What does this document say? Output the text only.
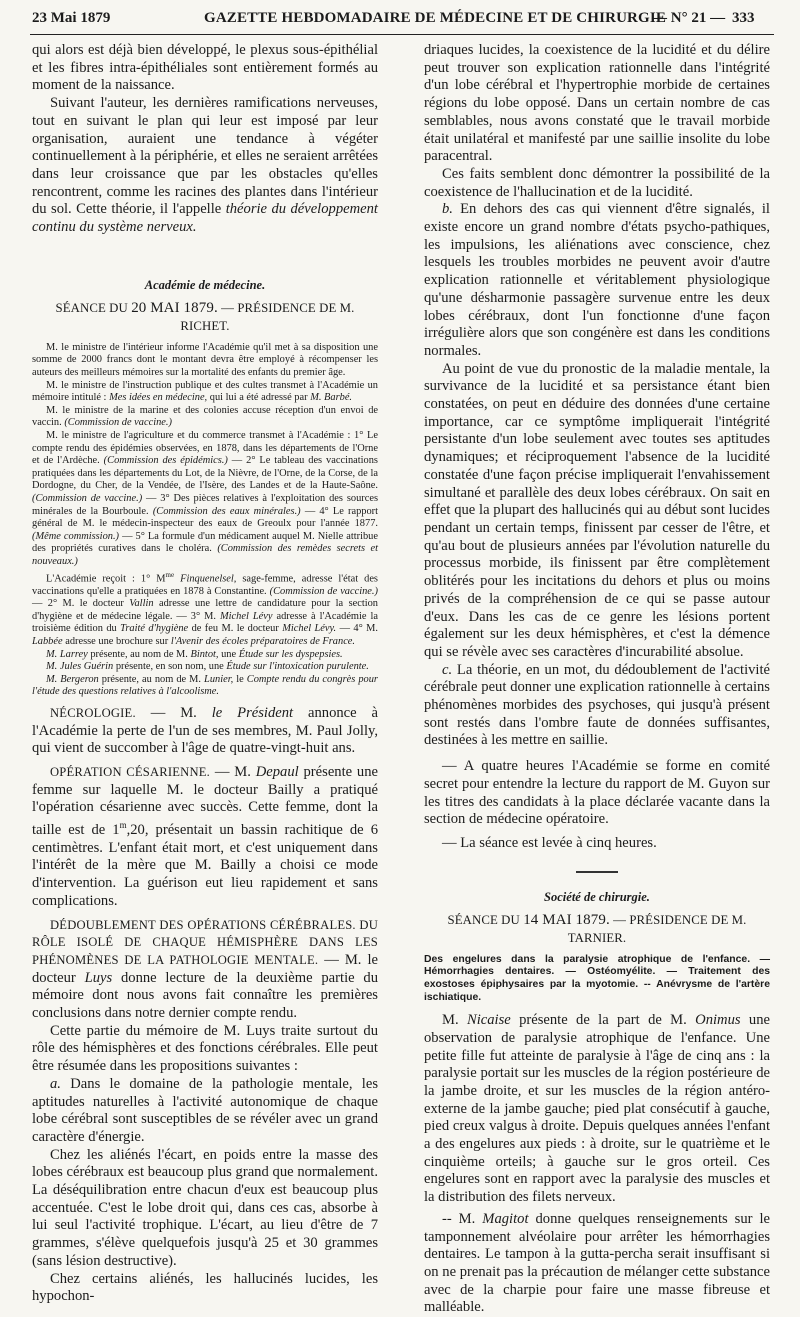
23 Mai 1879	GAZETTE HEBDOMADAIRE DE MÉDECINE ET DE CHIRURGIE
— N° 21 — 333

qui alors est déjà bien développé, le plexus sous-épithélial et les fibres intra-épithéliales sont entièrement formés au moment de la naissance.

Suivant l'auteur, les dernières ramifications nerveuses, tout en suivant le plan qui leur est imposé par leur organisation, auraient une tendance à végéter continuellement à la périphérie, et elles ne seraient arrêtées dans leur croissance que par les obstacles qu'elles rencontrent, comme les racines des plantes dans l'intérieur du sol. Cette théorie, il l'appelle théorie du développement continu du système nerveux.

Académie de médecine.

SÉANCE DU 20 MAI 1879. — PRÉSIDENCE DE M. RICHET.

M. le ministre de l'intérieur informe l'Académie qu'il met à sa disposition une somme de 2000 francs dont le montant devra être employé à récompenser les auteurs des meilleurs mémoires sur la mortalité des enfants du premier âge.

M. le ministre de l'instruction publique et des cultes transmet à l'Académie un mémoire intitulé : Mes idées en médecine, qui lui a été adressé par M. Barbé.

M. le ministre de la marine et des colonies accuse réception d'un envoi de vaccin. (Commission de vaccine.)

M. le ministre de l'agriculture et du commerce transmet à l'Académie : 1° Le compte rendu des épidémies observées, en 1878, dans les départements de l'Orne et de l'Ardèche. (Commission des épidémics.) — 2° Le tableau des vaccinations pratiquées dans les départements du Lot, de la Nièvre, de l'Orne, de la Corse, de la Dordogne, du Cher, de la Vendée, de l'Isère, des Landes et de la Haute-Saône. (Commission de vaccine.) — 3° Des pièces relatives à l'exploitation des sources minérales de la Bourboule. (Commission des eaux minérales.) — 4° Le rapport général de M. le médecin-inspecteur des eaux de Greoulx pour l'année 1877. (Même commission.) — 5° La formule d'un médicament auquel M. Nielle attribue des propriétés curatives dans le choléra. (Commission des remèdes secrets et nouveaux.)

L'Académie reçoit : 1° $M^{me}$ Finquenelsel, sage-femme, adresse l'état des vaccinations qu'elle a pratiquées en 1878 à Constantine. (Commission de vaccine.) — 2° M. le docteur Vallin adresse une lettre de candidature pour la section d'hygiène et de médecine légale. — 3° M. Michel Lévy adresse à l'Académie la troisième édition du Traité d'hygiène de feu M. le docteur Michel Lévy. — 4° M. Labbée adresse une brochure sur l'Avenir des écoles préparatoires de France.

M. Larrey présente, au nom de M. Bintot, une Étude sur les dyspepsies.

M. Jules Guérin présente, en son nom, une Étude sur l'intoxication purulente.

M. Bergeron présente, au nom de M. Lunier, le Compte rendu du congrès pour l'étude des questions relatives à l'alcoolisme.

NÉCROLOGIE. — M. le Président annonce à l'Académie la perte de l'un de ses membres, M. Paul Jolly, qui vient de succomber à l'âge de quatre-vingt-huit ans.

OPÉRATION CÉSARIENNE. — M. Depaul présente une femme sur laquelle M. le docteur Bailly a pratiqué l'opération césarienne avec succès. Cette femme, dont la taille est de 1$^m$,20, présentait un bassin rachitique de 6 centimètres. L'enfant était mort, et c'est uniquement dans l'intérêt de la mère que M. Bailly a choisi ce mode d'intervention. La guérison eut lieu rapidement et sans complications.

DÉDOUBLEMENT DES OPÉRATIONS CÉRÉBRALES. DU RÔLE ISOLÉ DE CHAQUE HÉMISPHÈRE DANS LES PHÉNOMÈNES DE LA PATHOLOGIE MENTALE. — M. le docteur Luys donne lecture de la deuxième partie du mémoire dont nous avons fait connaître les premières conclusions dans notre dernier compte rendu.

Cette partie du mémoire de M. Luys traite surtout du rôle des hémisphères et des fonctions cérébrales. Elle peut être résumée dans les propositions suivantes :

a. Dans le domaine de la pathologie mentale, les aptitudes naturelles à l'activité autonomique de chaque lobe cérébral sont susceptibles de se révéler avec un grand caractère d'énergie.

Chez les aliénés l'écart, en poids entre la masse des lobes cérébraux est beaucoup plus grand que normalement. La déséquilibration entre chacun d'eux est beaucoup plus accentuée. C'est le lobe droit qui, dans ces cas, absorbe à lui seul l'activité trophique. L'écart, au lieu d'être de 7 grammes, s'élève quelquefois jusqu'à 25 et 30 grammes (sans lésion destructive).

Chez certains aliénés, les hallucinés lucides, les hypochon-

driaques lucides, la coexistence de la lucidité et du délire peut trouver son explication rationnelle dans l'intégrité d'un lobe cérébral et l'hypertrophie morbide de certaines régions du lobe opposé. Dans un certain nombre de cas semblables, nous avons constaté que le travail morbide était unilatéral et manifesté par une saillie insolite du lobe paracentral.

Ces faits semblent donc démontrer la possibilité de la coexistence de l'hallucination et de la lucidité.

b. En dehors des cas qui viennent d'être signalés, il existe encore un grand nombre d'états psycho-pathiques, les impulsions, les aliénations avec conscience, chez lesquels les troubles morbides ne peuvent avoir d'autre explication rationnelle et véritablement physiologique qu'une désharmonie passagère survenue entre les deux lobes cérébraux, dont l'un fonctionne d'une façon irrégulière alors que son congénère est dans les conditions normales.

Au point de vue du pronostic de la maladie mentale, la survivance de la lucidité et sa persistance étant bien constatées, on peut en déduire des données d'une certaine importance, car ce symptôme impliquerait l'intégrité persistante d'un lobe seulement avec toutes ses aptitudes dynamiques; et réciproquement l'absence de la lucidité constatée d'une façon précise impliquerait l'envahissement simultané et parallèle des deux lobes cérébraux. On sait en effet que la plupart des hallucinés qui au début sont lucides pendant un certain temps, finissent par cesser de l'être, et qu'au bout de plusieurs années par l'évolution naturelle du processus morbide, ils finissent par être complètement oblitérés pour les incitations du dehors et plus ou moins privés de la compréhension de ce qui se passe autour d'eux. Dans les cas de ce genre les lésions portent également sur les deux hémisphères, et c'est la démence qui se révèle avec ses caractères d'incurabilité absolue.

c. La théorie, en un mot, du dédoublement de l'activité cérébrale peut donner une explication rationnelle à certains phénomènes morbides des psychoses, qui jusqu'à présent sont restés dans l'ombre faute de données suffisantes, destinées à les mettre en saillie.

— A quatre heures l'Académie se forme en comité secret pour entendre la lecture du rapport de M. Guyon sur les titres des candidats à la place déclarée vacante dans la section de médecine opératoire.

— La séance est levée à cinq heures.

Société de chirurgie.

SÉANCE DU 14 MAI 1879. — PRÉSIDENCE DE M. TARNIER.

Des engelures dans la paralysie atrophique de l'enfance. — Hémorrhagies dentaires. — Ostéomyélite. — Traitement des exostoses épiphysaires par la myotomie. -- Anévrysme de l'artère ischiatique.

M. Nicaise présente de la part de M. Onimus une observation de paralysie atrophique de l'enfance. Une petite fille fut atteinte de paralysie à l'âge de cinq ans : la paralysie portait sur les muscles de la région postérieure de la jambe droite, et sur les muscles de la région antéro-externe de la jambe gauche; pied plat consécutif à gauche, pied creux valgus à droite. Depuis quelques années l'enfant a des engelures aux pieds : à droite, sur le quatrième et le cinquième orteils; à gauche sur le gros orteil. Ces engelures sont en rapport avec la paralysie des muscles et la distribution des filets nerveux.

-- M. Magitot donne quelques renseignements sur le tamponnement alvéolaire pour arrêter les hémorrhagies dentaires. Le tampon à la gutta-percha serait insuffisant si on ne prenait pas la précaution de mélanger cette substance avec de la charpie pour faire une masse fibreuse et malléable.
